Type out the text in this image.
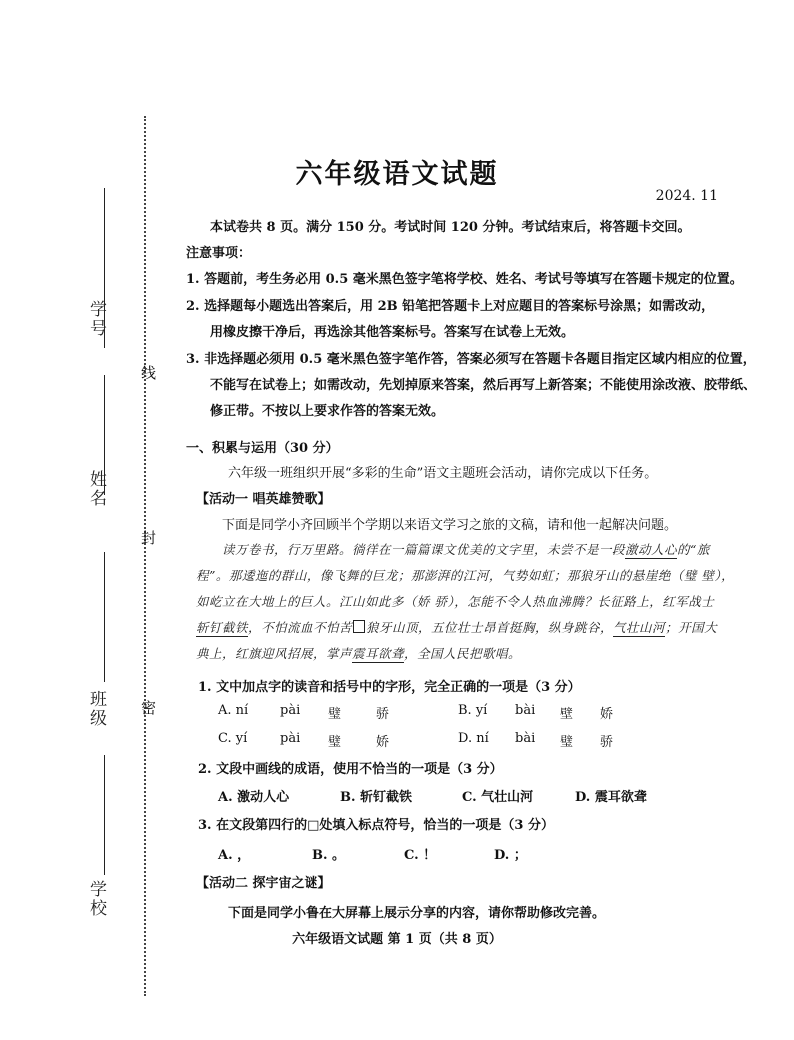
学号
姓名
班级
学校
线
封
密
六年级语文试题
2024. 11
本试卷共 8 页。满分 150 分。考试时间 120 分钟。考试结束后，将答题卡交回。
注意事项：
1. 答题前，考生务必用 0.5 毫米黑色签字笔将学校、姓名、考试号等填写在答题卡规定的位置。
2. 选择题每小题选出答案后，用 2B 铅笔把答题卡上对应题目的答案标号涂黑；如需改动，
用橡皮擦干净后，再选涂其他答案标号。答案写在试卷上无效。
3. 非选择题必须用 0.5 毫米黑色签字笔作答，答案必须写在答题卡各题目指定区域内相应的位置，
不能写在试卷上；如需改动，先划掉原来答案，然后再写上新答案；不能使用涂改液、胶带纸、
修正带。不按以上要求作答的答案无效。
一、积累与运用（30 分）
六年级一班组织开展“多彩的生命”语文主题班会活动，请你完成以下任务。
【活动一 唱英雄赞歌】
下面是同学小齐回顾半个学期以来语文学习之旅的文稿，请和他一起解决问题。
读万卷书，行万里路。徜徉在一篇篇课文优美的文字里，未尝不是一段激动人心的“旅
程”。那逶迤的群山，像飞舞的巨龙；那澎湃的江河，气势如虹；那狼牙山的悬崖绝（璧 壁），
如屹立在大地上的巨人。江山如此多（娇 骄），怎能不令人热血沸腾？长征路上，红军战士
斩钉截铁，不怕流血不怕苦 狼牙山顶，五位壮士昂首挺胸，纵身跳谷，气壮山河；开国大
典上，红旗迎风招展，掌声震耳欲聋，全国人民把歌唱。
1. 文中加点字的读音和括号中的字形，完全正确的一项是（3 分）
A. ní pài 璧	骄	B. yí bài 壁 娇
C. yí	pài 璧	娇	D. ní bài 璧 骄
2. 文段中画线的成语，使用不恰当的一项是（3 分）
A. 激动人心	B. 斩钉截铁	C. 气壮山河	D. 震耳欲聋
3. 在文段第四行的□处填入标点符号，恰当的一项是（3 分）
A. ，	B. 。	C. ！	D. ；
【活动二 探宇宙之谜】
下面是同学小鲁在大屏幕上展示分享的内容，请你帮助修改完善。
六年级语文试题 第 1 页（共 8 页）
